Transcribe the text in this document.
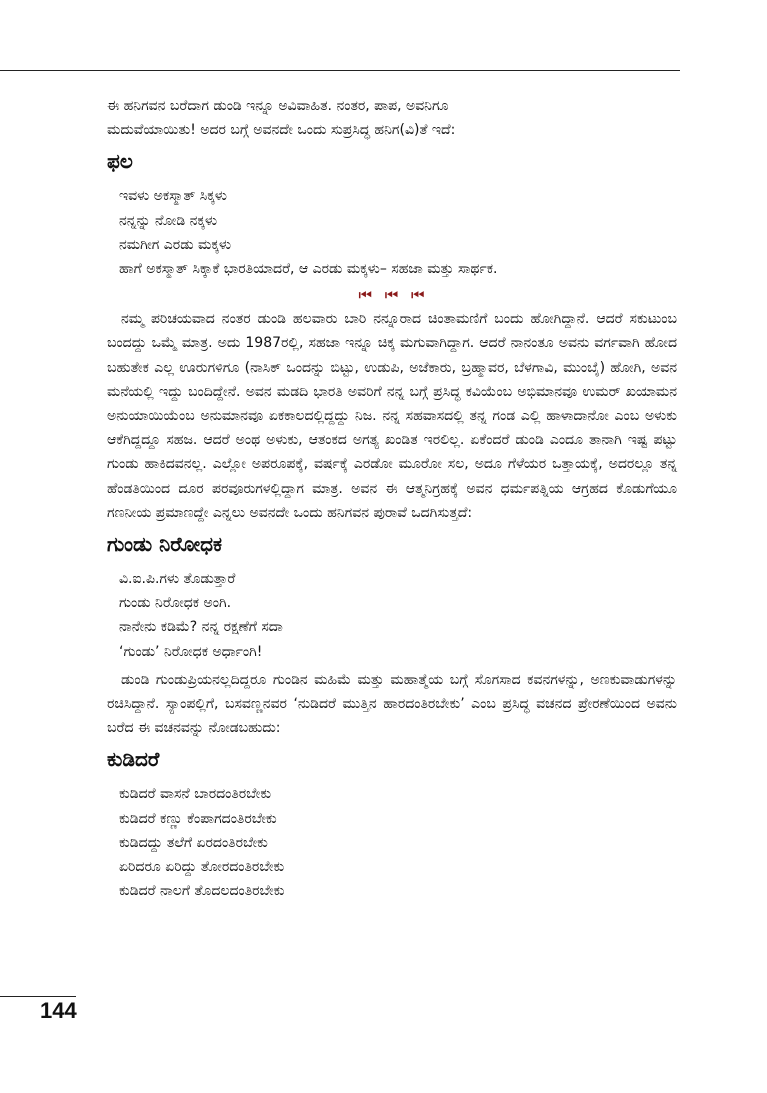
ಈ ಹನಿಗವನ ಬರೆದಾಗ ಡುಂಡಿ ಇನ್ನೂ ಅವಿವಾಹಿತ. ನಂತರ, ಪಾಪ, ಅವನಿಗೂ
ಮದುವೆಯಾಯಿತು! ಅದರ ಬಗ್ಗೆ ಅವನದೇ ಒಂದು ಸುಪ್ರಸಿದ್ಧ ಹನಿಗ(ವಿ)ತೆ ಇದೆ:

ಫಲ
ಇವಳು ಅಕಸ್ಮಾತ್ ಸಿಕ್ಕಳು
ನನ್ನನ್ನು ನೋಡಿ ನಕ್ಕಳು
ನಮಗೀಗ ಎರಡು ಮಕ್ಕಳು
ಹಾಗೆ ಅಕಸ್ಮಾತ್ ಸಿಕ್ಕಾಕೆ ಭಾರತಿಯಾದರೆ, ಆ ಎರಡು ಮಕ್ಕಳು– ಸಹಜಾ ಮತ್ತು ಸಾರ್ಥಕ.
⏮ ⏮ ⏮

ನಮ್ಮ ಪರಿಚಯವಾದ ನಂತರ ಡುಂಡಿ ಹಲವಾರು ಬಾರಿ ನನ್ನೂರಾದ ಚಿಂತಾಮಣಿಗೆ ಬಂದು ಹೋಗಿದ್ದಾನೆ. ಆದರೆ ಸಕುಟುಂಬ ಬಂದದ್ದು ಒಮ್ಮೆ ಮಾತ್ರ. ಅದು 1987ರಲ್ಲಿ, ಸಹಜಾ ಇನ್ನೂ ಚಿಕ್ಕ ಮಗುವಾಗಿದ್ದಾಗ. ಆದರೆ ನಾನಂತೂ ಅವನು ವರ್ಗವಾಗಿ ಹೋದ ಬಹುತೇಕ ಎಲ್ಲ ಊರುಗಳಿಗೂ (ನಾಸಿಕ್ ಒಂದನ್ನು ಬಿಟ್ಟು, ಉಡುಪಿ, ಅಜೆಕಾರು, ಬ್ರಹ್ಮಾವರ, ಬೆಳಗಾವಿ, ಮುಂಬೈ) ಹೋಗಿ, ಅವನ ಮನೆಯಲ್ಲಿ ಇದ್ದು ಬಂದಿದ್ದೇನೆ. ಅವನ ಮಡದಿ ಭಾರತಿ ಅವರಿಗೆ ನನ್ನ ಬಗ್ಗೆ ಪ್ರಸಿದ್ಧ ಕವಿಯೆಂಬ ಅಭಿಮಾನವೂ ಉಮರ್ ಖಯಾಮನ ಅನುಯಾಯಿಯೆಂಬ ಅನುಮಾನವೂ ಏಕಕಾಲದಲ್ಲಿದ್ದದ್ದು ನಿಜ. ನನ್ನ ಸಹವಾಸದಲ್ಲಿ ತನ್ನ ಗಂಡ ಎಲ್ಲಿ ಹಾಳಾದಾನೋ ಎಂಬ ಅಳುಕು ಆಕೆಗಿದ್ದದ್ದೂ ಸಹಜ. ಆದರೆ ಅಂಥ ಅಳುಕು, ಆತಂಕದ ಅಗತ್ಯ ಖಂಡಿತ ಇರಲಿಲ್ಲ. ಏಕೆಂದರೆ ಡುಂಡಿ ಎಂದೂ ತಾನಾಗಿ ಇಷ್ಟ ಪಟ್ಟು ಗುಂಡು ಹಾಕಿದವನಲ್ಲ. ಎಲ್ಲೋ ಅಪರೂಪಕ್ಕೆ, ವರ್ಷಕ್ಕೆ ಎರಡೋ ಮೂರೋ ಸಲ, ಅದೂ ಗೆಳೆಯರ ಒತ್ತಾಯಕ್ಕೆ, ಅದರಲ್ಲೂ ತನ್ನ ಹೆಂಡತಿಯಿಂದ ದೂರ ಪರವೂರುಗಳಲ್ಲಿದ್ದಾಗ ಮಾತ್ರ. ಅವನ ಈ ಆತ್ಮನಿಗ್ರಹಕ್ಕೆ ಅವನ ಧರ್ಮಪತ್ನಿಯ ಆಗ್ರಹದ ಕೊಡುಗೆಯೂ ಗಣನೀಯ ಪ್ರಮಾಣದ್ದೇ ಎನ್ನಲು ಅವನದೇ ಒಂದು ಹನಿಗವನ ಪುರಾವೆ ಒದಗಿಸುತ್ತದೆ:

ಗುಂಡು ನಿರೋಧಕ
ವಿ.ಐ.ಪಿ.ಗಳು ತೊಡುತ್ತಾರೆ
ಗುಂಡು ನಿರೋಧಕ ಅಂಗಿ.
ನಾನೇನು ಕಡಿಮೆ? ನನ್ನ ರಕ್ಷಣೆಗೆ ಸದಾ
‘ಗುಂಡು’ ನಿರೋಧಕ ಅರ್ಧಾಂಗಿ!

ಡುಂಡಿ ಗುಂಡುಪ್ರಿಯನಲ್ಲದಿದ್ದರೂ ಗುಂಡಿನ ಮಹಿಮೆ ಮತ್ತು ಮಹಾತ್ಮೆಯ ಬಗ್ಗೆ ಸೊಗಸಾದ ಕವನಗಳನ್ನು, ಅಣಕುವಾಡುಗಳನ್ನು ರಚಿಸಿದ್ದಾನೆ. ಸ್ಯಾಂಪಲ್ಲಿಗೆ, ಬಸವಣ್ಣನವರ ‘ನುಡಿದರೆ ಮುತ್ತಿನ ಹಾರದಂತಿರಬೇಕು’ ಎಂಬ ಪ್ರಸಿದ್ಧ ವಚನದ ಪ್ರೇರಣೆಯಿಂದ ಅವನು ಬರೆದ ಈ ವಚನವನ್ನು ನೋಡಬಹುದು:

ಕುಡಿದರೆ
ಕುಡಿದರೆ ವಾಸನೆ ಬಾರದಂತಿರಬೇಕು
ಕುಡಿದರೆ ಕಣ್ಣು ಕೆಂಪಾಗದಂತಿರಬೇಕು
ಕುಡಿದದ್ದು ತಲೆಗೆ ಏರದಂತಿರಬೇಕು
ಏರಿದರೂ ಏರಿದ್ದು ತೋರದಂತಿರಬೇಕು
ಕುಡಿದರೆ ನಾಲಗೆ ತೊದಲದಂತಿರಬೇಕು
144
